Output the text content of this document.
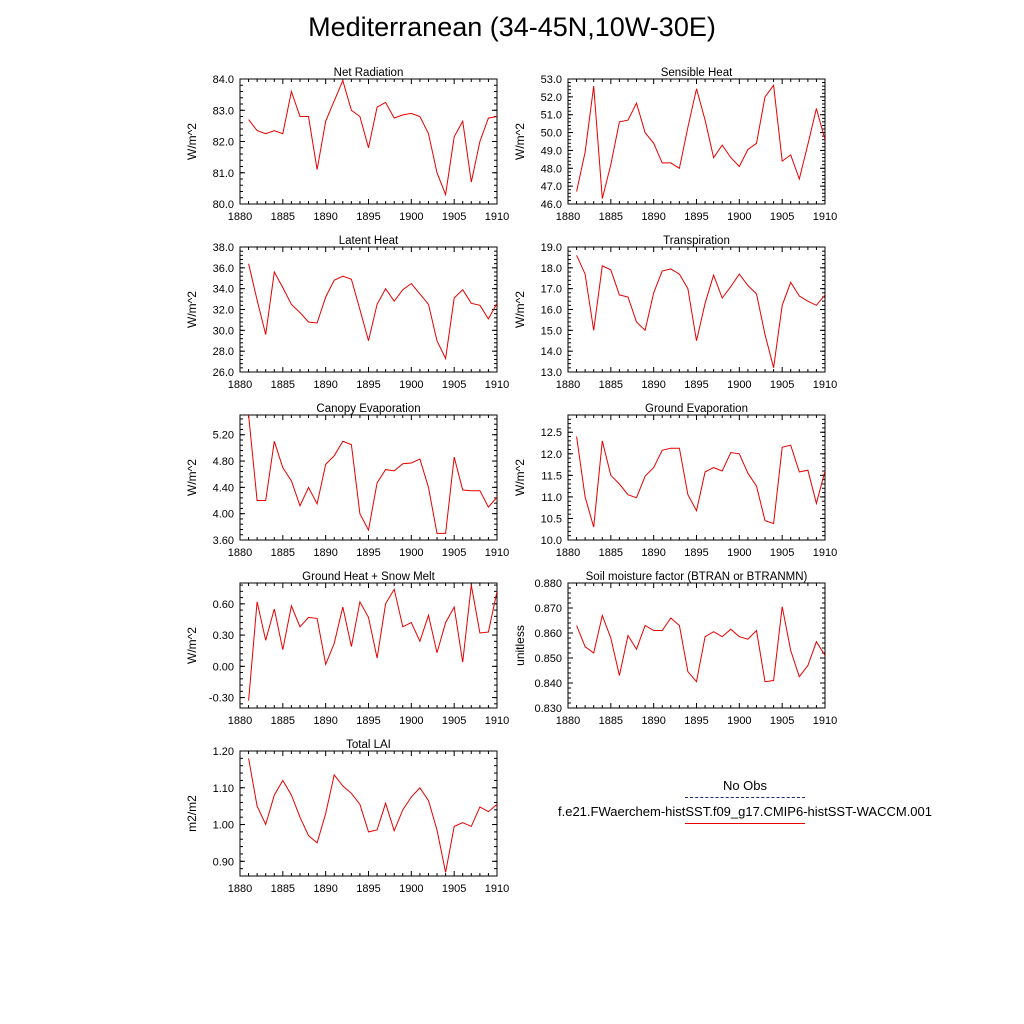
Mediterranean (34-45N,10W-30E)
Net Radiation
1880 1885 1890 1895 1900 1905 1910
80.0
81.0
82.0
83.0
84.0
W/m^2
Sensible Heat
1880 1885 1890 1895 1900 1905 1910
46.0
47.0
48.0
49.0
50.0
51.0
52.0
53.0
W/m^2
Latent Heat
1880 1885 1890 1895 1900 1905 1910
26.0
28.0
30.0
32.0
34.0
36.0
38.0
W/m^2
Transpiration
1880 1885 1890 1895 1900 1905 1910
13.0
14.0
15.0
16.0
17.0
18.0
19.0
W/m^2
Canopy Evaporation
1880 1885 1890 1895 1900 1905 1910
3.60
4.00
4.40
4.80
5.20
W/m^2
Ground Evaporation
1880 1885 1890 1895 1900 1905 1910
10.0
10.5
11.0
11.5
12.0
12.5
W/m^2
Ground Heat + Snow Melt
1880 1885 1890 1895 1900 1905 1910
-0.30
0.00
0.30
0.60
W/m^2
Soil moisture factor (BTRAN or BTRANMN)
1880 1885 1890 1895 1900 1905 1910
0.830
0.840
0.850
0.860
0.870
0.880
unitless
Total LAI
1880 1885 1890 1895 1900 1905 1910
0.90
1.00
1.10
1.20
m2/m2
No Obs
f.e21.FWaerchem-histSST.f09_g17.CMIP6-histSST-WACCM.001
